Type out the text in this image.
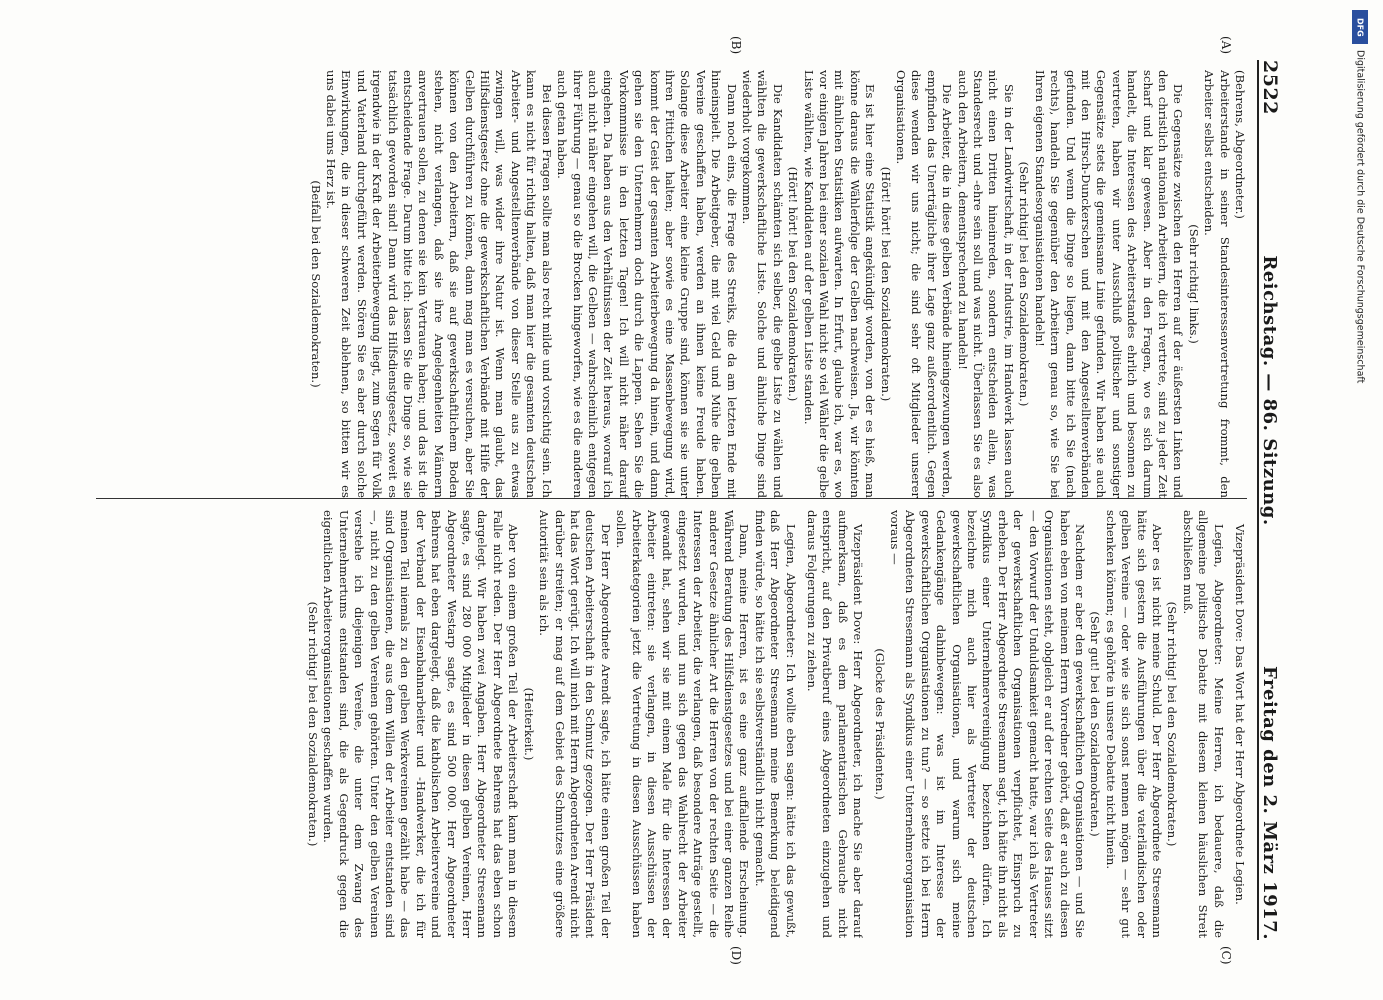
2522
Reichstag. — 86. Sitzung.
Freitag den 2. März 1917.
(A)
(B)
(C)
(D)

(Behrens, Abgeordneter.)

Arbeiterstande in seiner Standesinteressenvertretung frommt, den Arbeiter selbst entscheiden.

(Sehr richtig! links.)

Die Gegensätze zwischen den Herren auf der äußersten Linken und den christlich nationalen Arbeitern, die ich vertrete, sind zu jeder Zeit scharf und klar gewesen. Aber in den Fragen, wo es sich darum handelt, die Interessen des Arbeiterstandes ehrlich und besonnen zu vertreten, haben wir unter Ausschluß politischer und sonstiger Gegensätze stets die gemeinsame Linie gefunden. Wir haben sie auch mit den Hirsch-Dunckerschen und mit den Angestelltenverbänden gefunden. Und wenn die Dinge so liegen, dann bitte ich Sie (nach rechts), handeln Sie gegenüber den Arbeitern genau so, wie Sie bei Ihren eigenen Standesorganisationen handeln!

(Sehr richtig! bei den Sozialdemokraten.)

Sie in der Landwirtschaft, in der Industrie, im Handwerk lassen auch nicht einen Dritten hineinreden, sondern entscheiden allein, was Standesrecht und -ehre sein soll und was nicht. Überlassen Sie es also auch den Arbeitern, dementsprechend zu handeln!

Die Arbeiter, die in diese gelben Verbände hineingezwungen werden, empfinden das Unerträgliche ihrer Lage ganz außerordentlich. Gegen diese wenden wir uns nicht; die sind sehr oft Mitglieder unserer Organisationen.

(Hört! hört! bei den Sozialdemokraten.)

Es ist hier eine Statistik angekündigt worden, von der es hieß, man könne daraus die Wählerfolge der Gelben nachweisen. Ja, wir könnten mit ähnlichen Statistiken aufwarten. In Erfurt, glaube ich, war es, wo vor einigen Jahren bei einer sozialen Wahl nicht so viel Wähler die gelbe Liste wählten, wie Kandidaten auf der gelben Liste standen.

(Hört! hört! bei den Sozialdemokraten.)

Die Kandidaten schämten sich selber, die gelbe Liste zu wählen und wählten die gewerkschaftliche Liste. Solche und ähnliche Dinge sind wiederholt vorgekommen.

Dann noch eins, die Frage des Streiks, die da am letzten Ende mit hineinspielt. Die Arbeitgeber, die mit viel Geld und Mühe die gelben Vereine geschaffen haben, werden an ihnen keine Freude haben. Solange diese Arbeiter eine kleine Gruppe sind, können sie sie unter ihren Fittichen halten; aber sowie es eine Massenbewegung wird, kommt der Geist der gesamten Arbeiterbewegung da hinein, und dann gehen sie den Unternehmern doch durch die Lappen. Sehen Sie die Vorkommnisse in den letzten Tagen! Ich will nicht näher darauf eingehen. Da haben aus den Verhältnissen der Zeit heraus, worauf ich auch nicht näher eingehen will, die Gelben — wahrscheinlich entgegen ihrer Führung — genau so die Brocken hingeworfen, wie es die anderen auch getan haben.

Bei diesen Fragen sollte man also recht milde und vorsichtig sein. Ich kann es nicht für richtig halten, daß man hier die gesamten deutschen Arbeiter- und Angestelltenverbände von dieser Stelle aus zu etwas zwingen will, was wider ihre Natur ist. Wenn man glaubt, das Hilfsdienstgesetz ohne die gewerkschaftlichen Verbände mit Hilfe der Gelben durchführen zu können, dann mag man es versuchen, aber Sie können von den Arbeitern, daß sie auf gewerkschaftlichem Boden stehen, nicht verlangen, daß sie ihre Angelegenheiten Männern anvertrauen sollen, zu denen sie kein Vertrauen haben; und das ist die entscheidende Frage. Darum bitte ich: lassen Sie die Dinge so, wie sie tatsächlich geworden sind! Dann wird das Hilfsdienstgesetz, soweit es irgendwie in der Kraft der Arbeiterbewegung liegt, zum Segen für Volk und Vaterland durchgeführt werden. Stören Sie es aber durch solche Einwirkungen, die in dieser schweren Zeit ablehnen, so bitten wir es uns dabei ums Herz ist.

(Beifall bei den Sozialdemokraten.)

Vizepräsident Dove: Das Wort hat der Herr Abgeordnete Legien.

Legien, Abgeordneter: Meine Herren, ich bedauere, daß die allgemeine politische Debatte mit diesem kleinen häuslichen Streit abschließen muß.

(Sehr richtig! bei den Sozialdemokraten.)

Aber es ist nicht meine Schuld. Der Herr Abgeordnete Stresemann hätte sich gestern die Ausführungen über die vaterländischen oder gelben Vereine — oder wie sie sich sonst nennen mögen — sehr gut schenken können; es gehörte in unsere Debatte nicht hinein.

(Sehr gut! bei den Sozialdemokraten.)

Nachdem er aber den gewerkschaftlichen Organisationen — und Sie haben eben von meinem Herrn Vorredner gehört, daß er auch zu diesen Organisationen steht, obgleich er auf der rechten Seite des Hauses sitzt — den Vorwurf der Unduldsamkeit gemacht hatte, war ich als Vertreter der gewerkschaftlichen Organisationen verpflichtet, Einspruch zu erheben. Der Herr Abgeordnete Stresemann sagt, ich hätte ihn nicht als Syndikus einer Unternehmervereinigung bezeichnen dürfen. Ich bezeichne mich auch hier als Vertreter der deutschen gewerkschaftlichen Organisationen, und warum sich meine Gedankengänge dahinbewegen: was ist im Interesse der gewerkschaftlichen Organisationen zu tun? — so setzte ich bei Herrn Abgeordneten Stresemann als Syndikus einer Unternehmerorganisation voraus —

(Glocke des Präsidenten.)

Vizepräsident Dove: Herr Abgeordneter, ich mache Sie aber darauf aufmerksam, daß es dem parlamentarischen Gebrauche nicht entspricht, auf den Privatberuf eines Abgeordneten einzugehen und daraus Folgerungen zu ziehen.

Legien, Abgeordneter: Ich wollte eben sagen: hätte ich das gewußt, daß Herr Abgeordneter Stresemann meine Bemerkung beleidigend finden würde, so hätte ich sie selbstverständlich nicht gemacht.

Dann, meine Herren, ist es eine ganz auffallende Erscheinung. Während Beratung des Hilfsdienstgesetzes und bei einer ganzen Reihe anderer Gesetze ähnlicher Art die Herren von der rechten Seite — die Interessen der Arbeiter, die verlangen, daß besondere Anträge gestellt, eingesetzt wurden, und nun sich gegen das Wahlrecht der Arbeiter gewandt hat, sehen wir sie mit einem Male für die Interessen der Arbeiter eintreten: sie verlangen, in diesen Ausschüssen der Arbeiterkategorien jetzt die Vertretung in diesen Ausschüssen haben sollen.

Der Herr Abgeordnete Arendt sagte, ich hätte einen großen Teil der deutschen Arbeiterschaft in den Schmutz gezogen. Der Herr Präsident hat das Wort gerügt. Ich will mich mit Herrn Abgeordneten Arendt nicht darüber streiten; er mag auf dem Gebiet des Schmutzes eine größere Autorität sein als ich.

(Heiterkeit.)

Aber von einem großen Teil der Arbeiterschaft kann man in diesem Falle nicht reden. Der Herr Abgeordnete Behrens hat das eben schon dargelegt. Wir haben zwei Angaben. Herr Abgeordneter Stresemann sagte, es sind 280 000 Mitglieder in diesen gelben Vereinen, Herr Abgeordneter Westarp sagte, es sind 500 000. Herr Abgeordneter Behrens hat eben dargelegt, daß die katholischen Arbeitervereine und der Verband der Eisenbahnarbeiter und -Handwerker, die ich für meinen Teil niemals zu den gelben Werkvereinen gezählt habe — das sind Organisationen, die aus dem Willen der Arbeiter entstanden sind —, nicht zu den gelben Vereinen gehörten. Unter den gelben Vereinen verstehe ich diejenigen Vereine, die unter dem Zwang des Unternehmertums entstanden sind, die als Gegendruck gegen die eigentlichen Arbeiterorganisationen geschaffen wurden.

(Sehr richtig! bei den Sozialdemokraten.)

DFG
Digitalisierung gefördert durch die Deutsche Forschungsgemeinschaft
